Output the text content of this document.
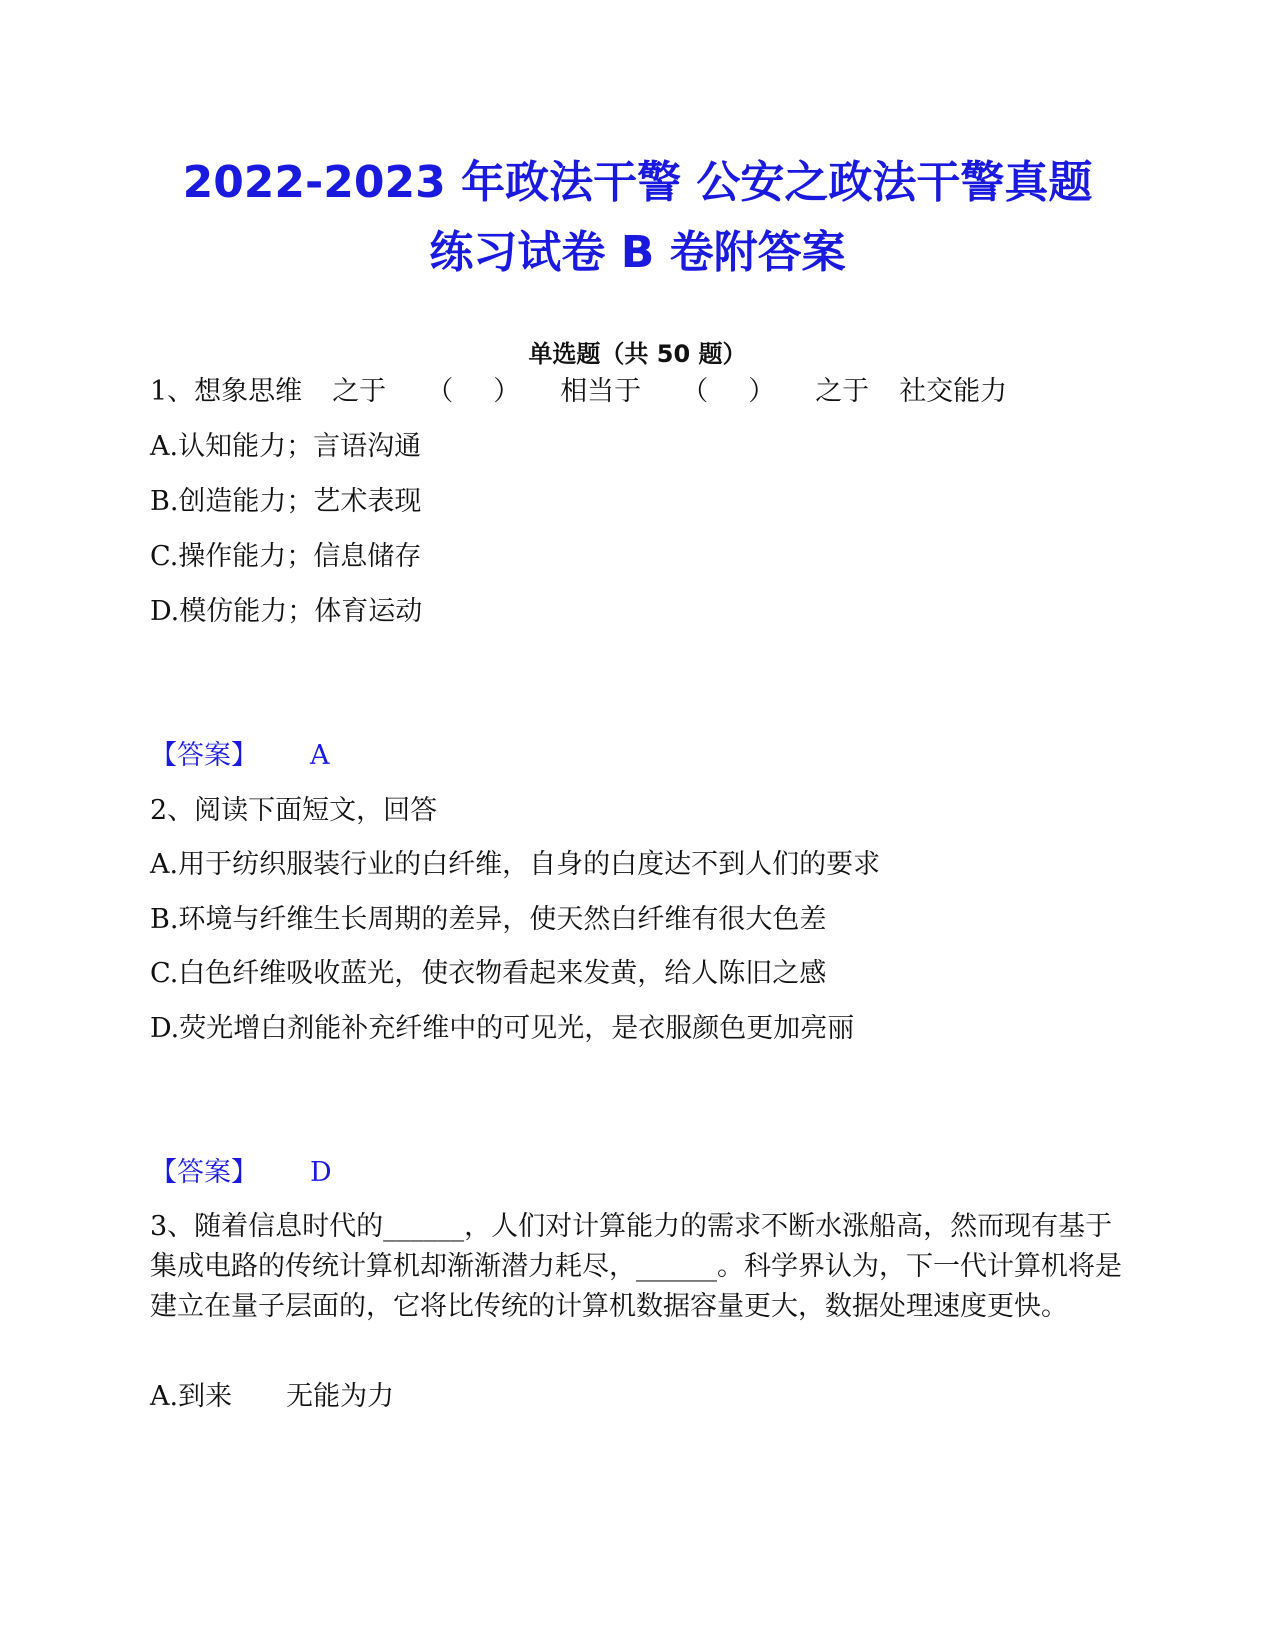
2022-2023 年政法干警 公安之政法干警真题
练习试卷 B 卷附答案
单选题（共 50 题）
1、想象思维 之于 （ ） 相当于 （ ） 之于 社交能力
A.认知能力；言语沟通
B.创造能力；艺术表现
C.操作能力；信息储存
D.模仿能力；体育运动
【答案】 A
2、阅读下面短文，回答
A.用于纺织服装行业的白纤维，自身的白度达不到人们的要求
B.环境与纤维生长周期的差异，使天然白纤维有很大色差
C.白色纤维吸收蓝光，使衣物看起来发黄，给人陈旧之感
D.荧光增白剂能补充纤维中的可见光，是衣服颜色更加亮丽
【答案】 D
3、随着信息时代的______，人们对计算能力的需求不断水涨船高，然而现有基于集成电路的传统计算机却渐渐潜力耗尽，______。科学界认为，下一代计算机将是建立在量子层面的，它将比传统的计算机数据容量更大，数据处理速度更快。
A.到来　　无能为力
